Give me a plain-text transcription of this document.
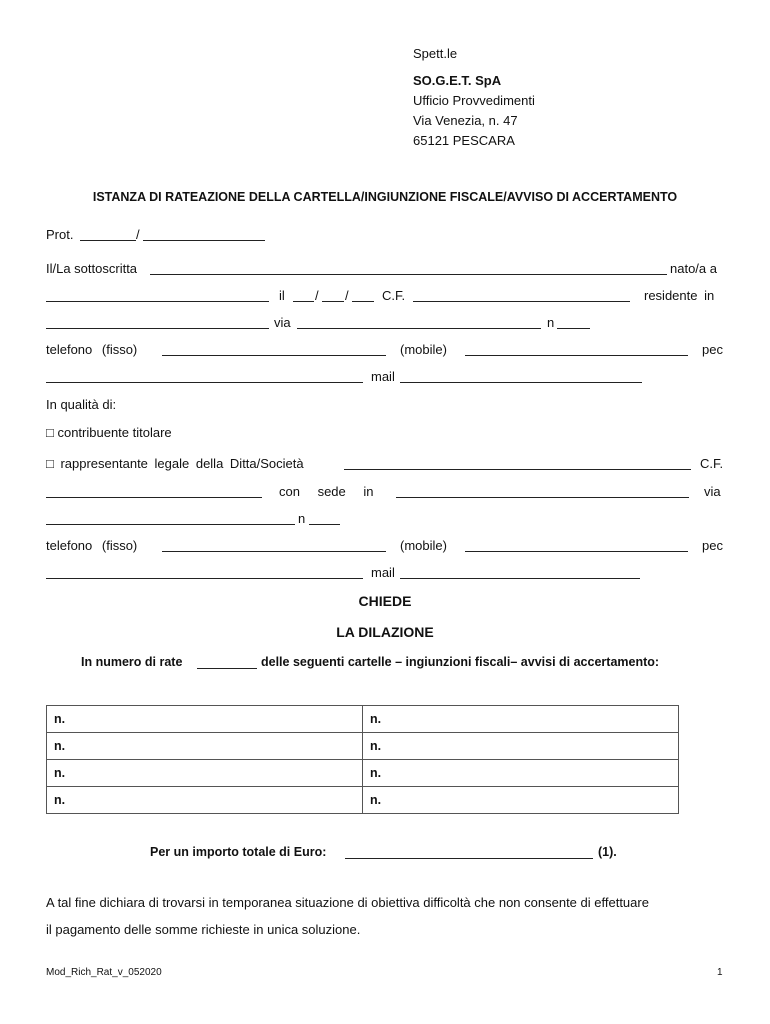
Spett.le
SO.G.E.T. SpA
Ufficio Provvedimenti
Via Venezia, n. 47
65121 PESCARA
ISTANZA DI RATEAZIONE DELLA CARTELLA/INGIUNZIONE FISCALE/AVVISO DI ACCERTAMENTO
Prot.	/
Il/La sottoscritta	nato/a a
il / /	C.F.	residente in
via	n
telefono (fisso)	(mobile)	pec
mail
In qualità di:
□ contribuente titolare
□ rappresentante legale della Ditta/Società	C.F.
con sede in	via
n
telefono (fisso)	(mobile)	pec
mail
CHIEDE
LA DILAZIONE
In numero di rate	delle seguenti cartelle – ingiunzioni fiscali– avvisi di accertamento:
n.	n.
n.	n.
n.	n.
n.	n.
Per un importo totale di Euro:	(1).
A tal fine dichiara di trovarsi in temporanea situazione di obiettiva difficoltà che non consente di effettuare
il pagamento delle somme richieste in unica soluzione.
Mod_Rich_Rat_v_052020	1
